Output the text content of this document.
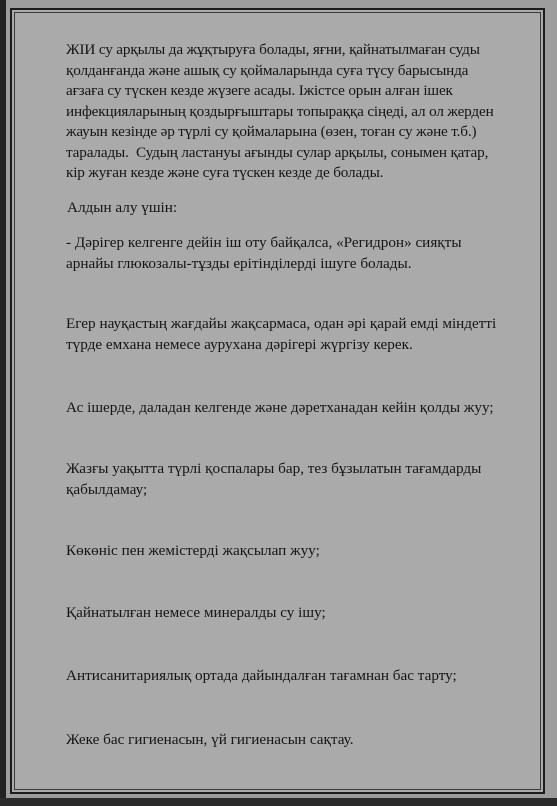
ЖІИ су арқылы да жұқтыруға болады, яғни, қайнатылмаған суды
қолданғанда және ашық су қоймаларында суға түсу барысында
ағзаға су түскен кезде жүзеге асады. Іжістсе орын алған ішек
инфекцияларының қоздырғыштары топыраққа сіңеді, ал ол жерден
жауын кезінде әр түрлі су қоймаларына (өзен, тоған су және т.б.)
таралады.  Судың ластануы ағынды сулар арқылы, сонымен қатар,
кір жуған кезде және суға түскен кезде де болады.

Алдын алу үшін:

- Дәрігер келгенге дейін іш оту байқалса, «Регидрон» сияқты
арнайы глюкозалы-тұзды ерітінділерді ішуге болады.

Егер науқастың жағдайы жақсармаса, одан әрі қарай емді міндетті
түрде емхана немесе ауруxана дәрігері жүргізу керек.

Ас ішерде, даладан келгенде және дәретханадан кейін қолды жуу;

Жазғы уақытта түрлі қоспалары бар, тез бұзылатын тағамдарды
қабылдамау;

Көкөніс пен жемістерді жақсылап жуу;

Қайнатылған немесе минералды су ішу;

Антисанитариялық ортада дайындалған тағамнан бас тарту;

Жеке бас гигиенасын, үй гигиенасын сақтау.
